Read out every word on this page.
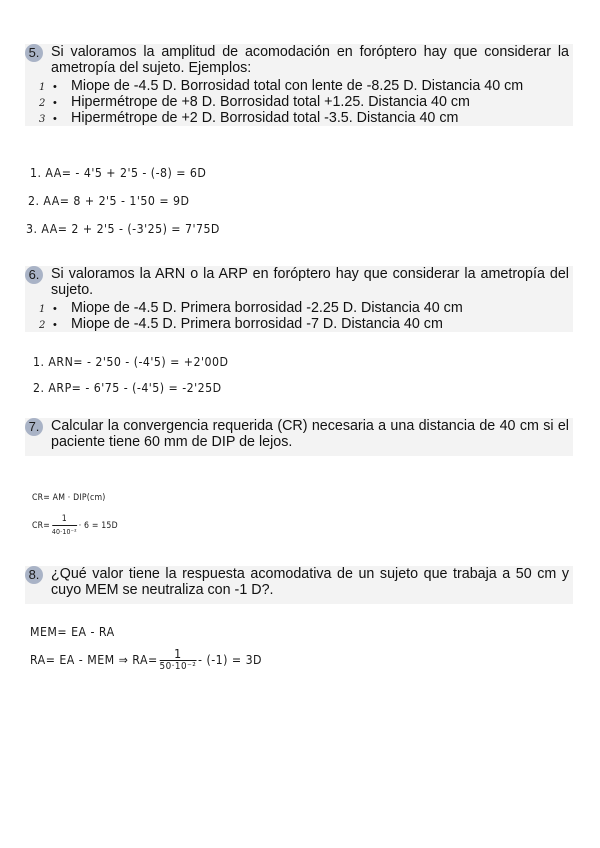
5. Si valoramos la amplitud de acomodación en foróptero hay que considerar la ametropía del sujeto. Ejemplos:
1 • Miope de -4.5 D. Borrosidad total con lente de -8.25 D. Distancia 40 cm
2 • Hipermétrope de +8 D. Borrosidad total +1.25. Distancia 40 cm
3 • Hipermétrope de +2 D. Borrosidad total -3.5. Distancia 40 cm
1. AA= - 4'5 + 2'5 - (-8) = 6D
2. AA= 8 + 2'5 - 1'50 = 9D
3. AA= 2 + 2'5 - (-3'25) = 7'75D
6. Si valoramos la ARN o la ARP en foróptero hay que considerar la ametropía del sujeto.
1 • Miope de -4.5 D. Primera borrosidad -2.25 D. Distancia 40 cm
2 • Miope de -4.5 D. Primera borrosidad -7 D. Distancia 40 cm
1. ARN= - 2'50 - (-4'5) = +2'00D
2. ARP= - 6'75 - (-4'5) = -2'25D
7. Calcular la convergencia requerida (CR) necesaria a una distancia de 40 cm si el paciente tiene 60 mm de DIP de lejos.
CR= AM · DIP(cm)
$CR= \frac{1}{\text{40·10⁻²}} \cdot 6 = 15D$
8. ¿Qué valor tiene la respuesta acomodativa de un sujeto que trabaja a 50 cm y cuyo MEM se neutraliza con -1 D?.
MEM= EA - RA
RA= EA - MEM ⇒ $RA= \frac{1}{\text{50·10⁻²}} - (-1) = 3D$
